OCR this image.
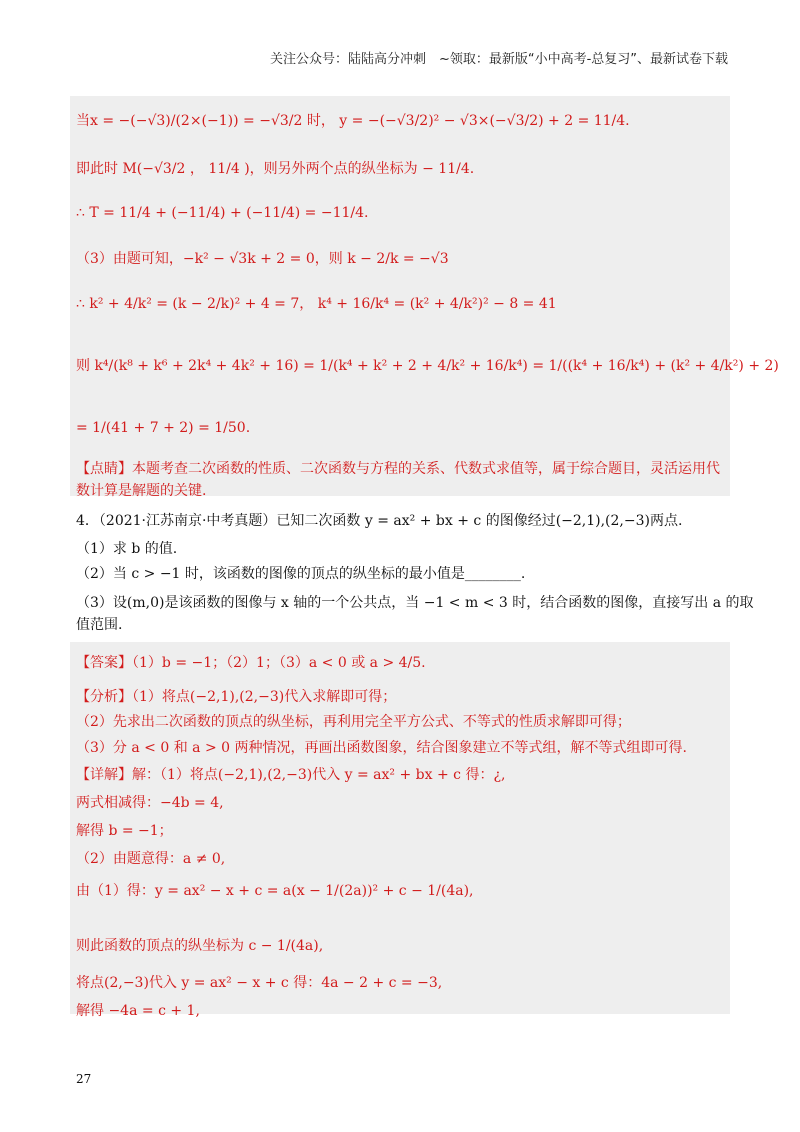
关注公众号：陆陆高分冲刺　~领取：最新版“小中高考-总复习”、最新试卷下载
当x = −(−√3)/(2×(−1)) = −√3/2 时， y = −(−√3/2)² − √3×(−√3/2) + 2 = 11/4.
即此时 M(−√3/2 ， 11/4 )，则另外两个点的纵坐标为 − 11/4.
∴ T = 11/4 + (−11/4) + (−11/4) = −11/4.
（3）由题可知，−k² − √3k + 2 = 0，则 k − 2/k = −√3
∴ k² + 4/k² = (k − 2/k)² + 4 = 7， k⁴ + 16/k⁴ = (k² + 4/k²)² − 8 = 41
则 k⁴/(k⁸ + k⁶ + 2k⁴ + 4k² + 16) = 1/(k⁴ + k² + 2 + 4/k² + 16/k⁴) = 1/((k⁴ + 16/k⁴) + (k² + 4/k²) + 2)
= 1/(41 + 7 + 2) = 1/50.
【点睛】本题考查二次函数的性质、二次函数与方程的关系、代数式求值等，属于综合题目，灵活运用代
数计算是解题的关键.
4．（2021·江苏南京·中考真题）已知二次函数 y = ax² + bx + c 的图像经过(−2,1),(2,−3)两点.
（1）求 b 的值.
（2）当 c > −1 时，该函数的图像的顶点的纵坐标的最小值是________.
（3）设(m,0)是该函数的图像与 x 轴的一个公共点，当 −1 < m < 3 时，结合函数的图像，直接写出 a 的取
值范围.
【答案】（1）b = −1；（2）1；（3）a < 0 或 a > 4/5.
【分析】（1）将点(−2,1),(2,−3)代入求解即可得；
（2）先求出二次函数的顶点的纵坐标，再利用完全平方公式、不等式的性质求解即可得；
（3）分 a < 0 和 a > 0 两种情况，再画出函数图象，结合图象建立不等式组，解不等式组即可得.
【详解】解：（1）将点(−2,1),(2,−3)代入 y = ax² + bx + c 得：¿,
两式相减得：−4b = 4,
解得 b = −1；
（2）由题意得：a ≠ 0,
由（1）得：y = ax² − x + c = a(x − 1/(2a))² + c − 1/(4a),
则此函数的顶点的纵坐标为 c − 1/(4a),
将点(2,−3)代入 y = ax² − x + c 得：4a − 2 + c = −3,
解得 −4a = c + 1,
27
